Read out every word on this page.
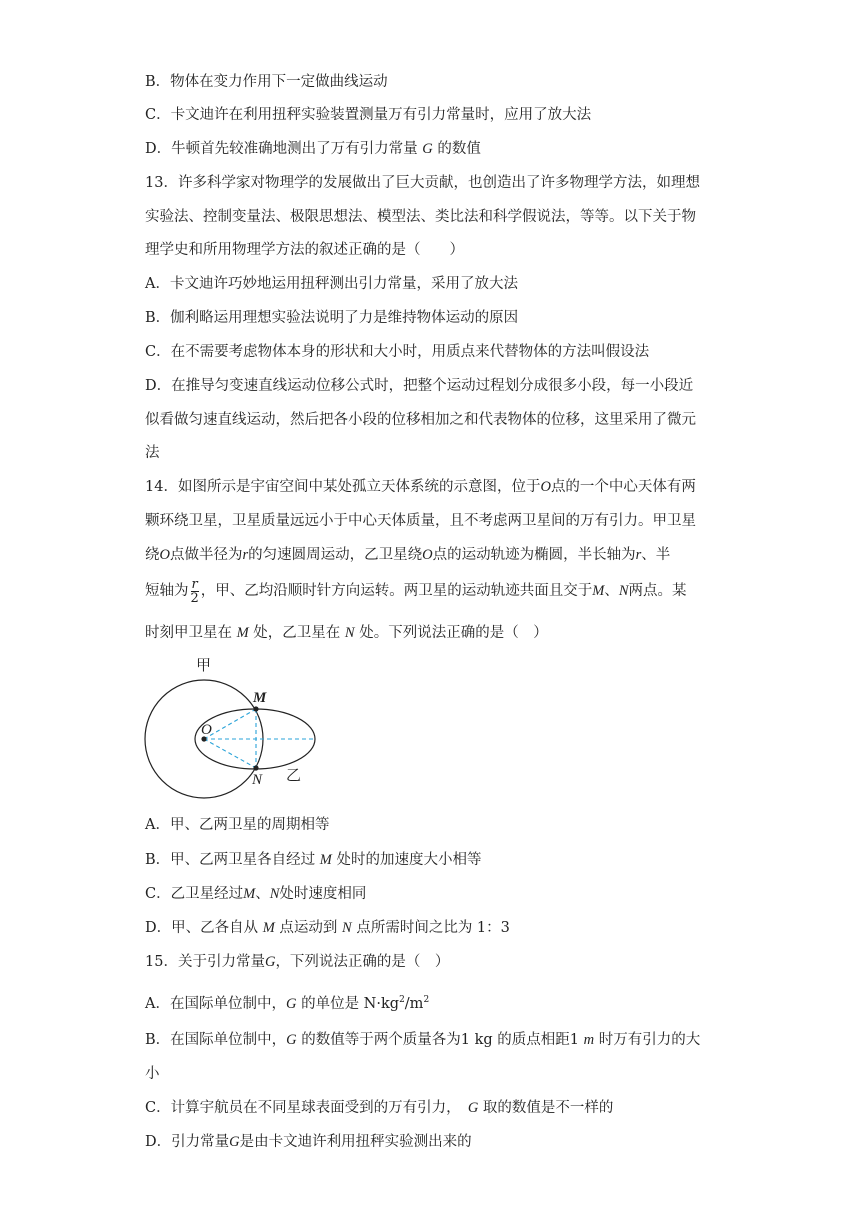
B．物体在变力作用下一定做曲线运动
C．卡文迪许在利用扭秤实验装置测量万有引力常量时，应用了放大法
D．牛顿首先较准确地测出了万有引力常量 G 的数值
13．许多科学家对物理学的发展做出了巨大贡献，也创造出了许多物理学方法，如理想
实验法、控制变量法、极限思想法、模型法、类比法和科学假说法，等等。以下关于物
理学史和所用物理学方法的叙述正确的是（　　）
A．卡文迪许巧妙地运用扭秤测出引力常量，采用了放大法
B．伽利略运用理想实验法说明了力是维持物体运动的原因
C．在不需要考虑物体本身的形状和大小时，用质点来代替物体的方法叫假设法
D．在推导匀变速直线运动位移公式时，把整个运动过程划分成很多小段，每一小段近
似看做匀速直线运动，然后把各小段的位移相加之和代表物体的位移，这里采用了微元
法
14．如图所示是宇宙空间中某处孤立天体系统的示意图，位于O点的一个中心天体有两
颗环绕卫星，卫星质量远远小于中心天体质量，且不考虑两卫星间的万有引力。甲卫星
绕O点做半径为r的匀速圆周运动，乙卫星绕O点的运动轨迹为椭圆，半长轴为r、半
短轴为 $\frac{r}{2}$ ，甲、乙均沿顺时针方向运转。两卫星的运动轨迹共面且交于M、N两点。某
时刻甲卫星在 M 处，乙卫星在 N 处。下列说法正确的是（　）
甲
M
O
N 乙
A．甲、乙两卫星的周期相等
B．甲、乙两卫星各自经过 M 处时的加速度大小相等
C．乙卫星经过M、N处时速度相同
D．甲、乙各自从 M 点运动到 N 点所需时间之比为 1：3
15．关于引力常量G，下列说法正确的是（　）
A．在国际单位制中，G 的单位是 $N\cdot kg^2/m^2$
B．在国际单位制中，G 的数值等于两个质量各为1 kg 的质点相距1 m 时万有引力的大
小
C．计算宇航员在不同星球表面受到的万有引力，　G 取的数值是不一样的
D．引力常量G是由卡文迪许利用扭秤实验测出来的
